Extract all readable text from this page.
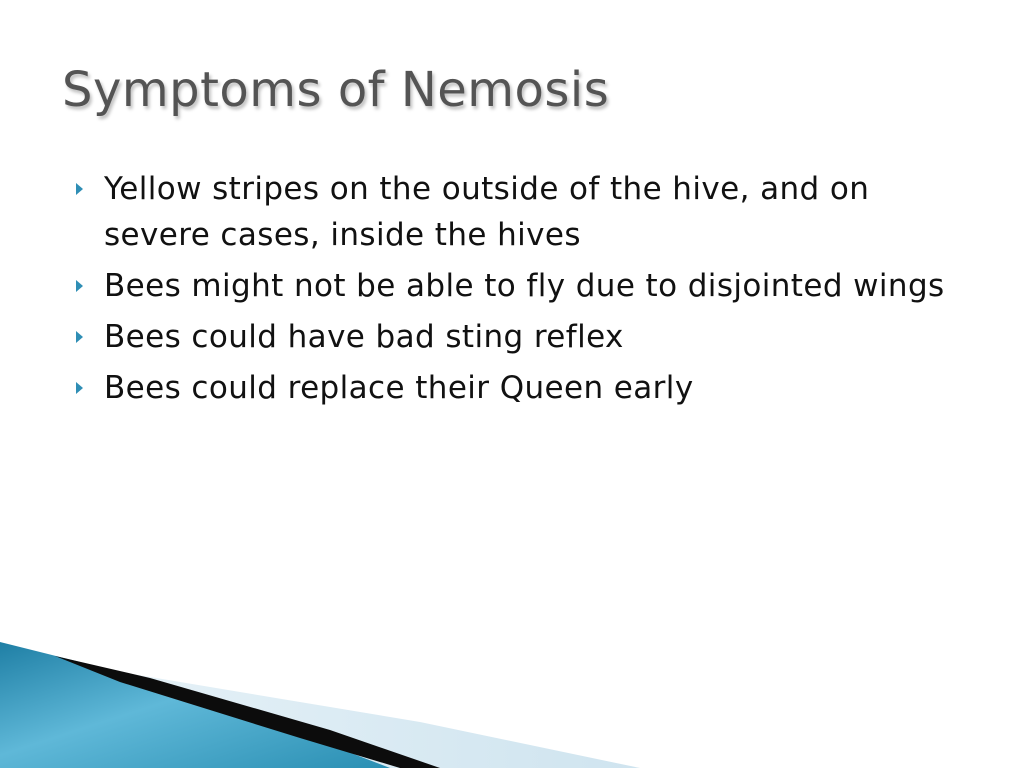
Symptoms of Nemosis
Yellow stripes on the outside of the hive, and on severe cases, inside the hives
Bees might not be able to fly due to disjointed wings
Bees could have bad sting reflex
Bees could replace their Queen early
